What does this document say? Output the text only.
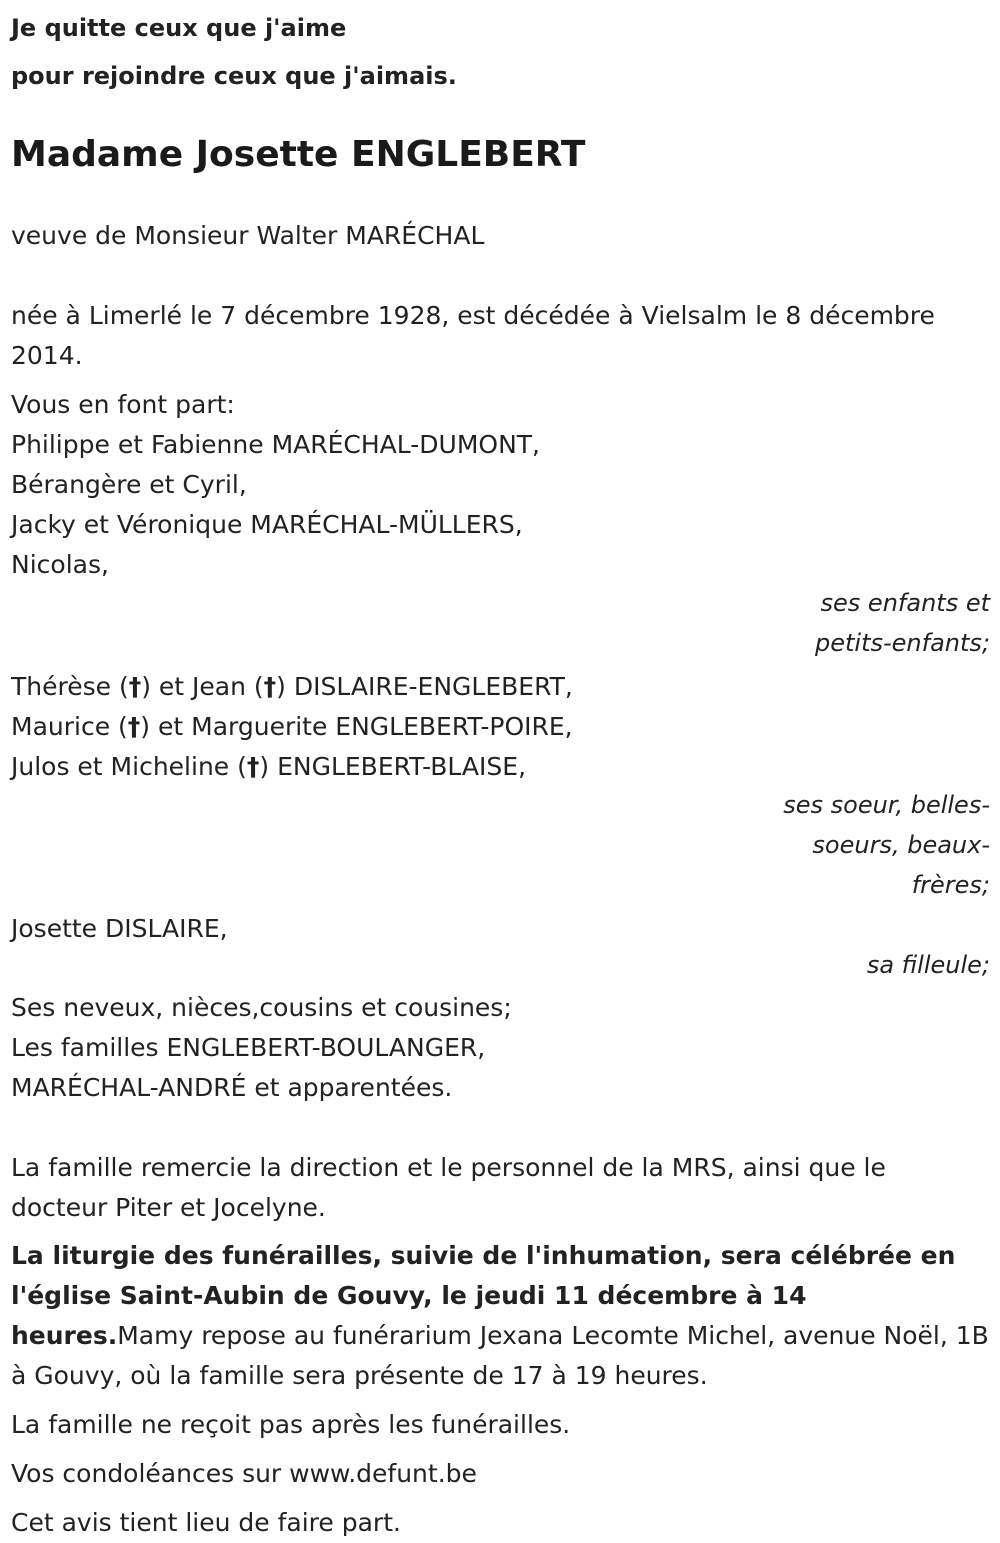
Je quitte ceux que j'aime
pour rejoindre ceux que j'aimais.
Madame Josette ENGLEBERT
veuve de Monsieur Walter MARÉCHAL
née à Limerlé le 7 décembre 1928, est décédée à Vielsalm le 8 décembre 2014.
Vous en font part:
Philippe et Fabienne MARÉCHAL-DUMONT,
Bérangère et Cyril,
Jacky et Véronique MARÉCHAL-MÜLLERS,
Nicolas,
ses enfants et petits-enfants;
Thérèse (†) et Jean (†) DISLAIRE-ENGLEBERT,
Maurice (†) et Marguerite ENGLEBERT-POIRE,
Julos et Micheline (†) ENGLEBERT-BLAISE,
ses soeur, belles-soeurs, beaux-frères;
Josette DISLAIRE,
sa filleule;
Ses neveux, nièces,cousins et cousines;
Les familles ENGLEBERT-BOULANGER,
MARÉCHAL-ANDRÉ et apparentées.
La famille remercie la direction et le personnel de la MRS, ainsi que le docteur Piter et Jocelyne.
La liturgie des funérailles, suivie de l'inhumation, sera célébrée en l'église Saint-Aubin de Gouvy, le jeudi 11 décembre à 14 heures.Mamy repose au funérarium Jexana Lecomte Michel, avenue Noël, 1B à Gouvy, où la famille sera présente de 17 à 19 heures.
La famille ne reçoit pas après les funérailles.
Vos condoléances sur www.defunt.be
Cet avis tient lieu de faire part.
